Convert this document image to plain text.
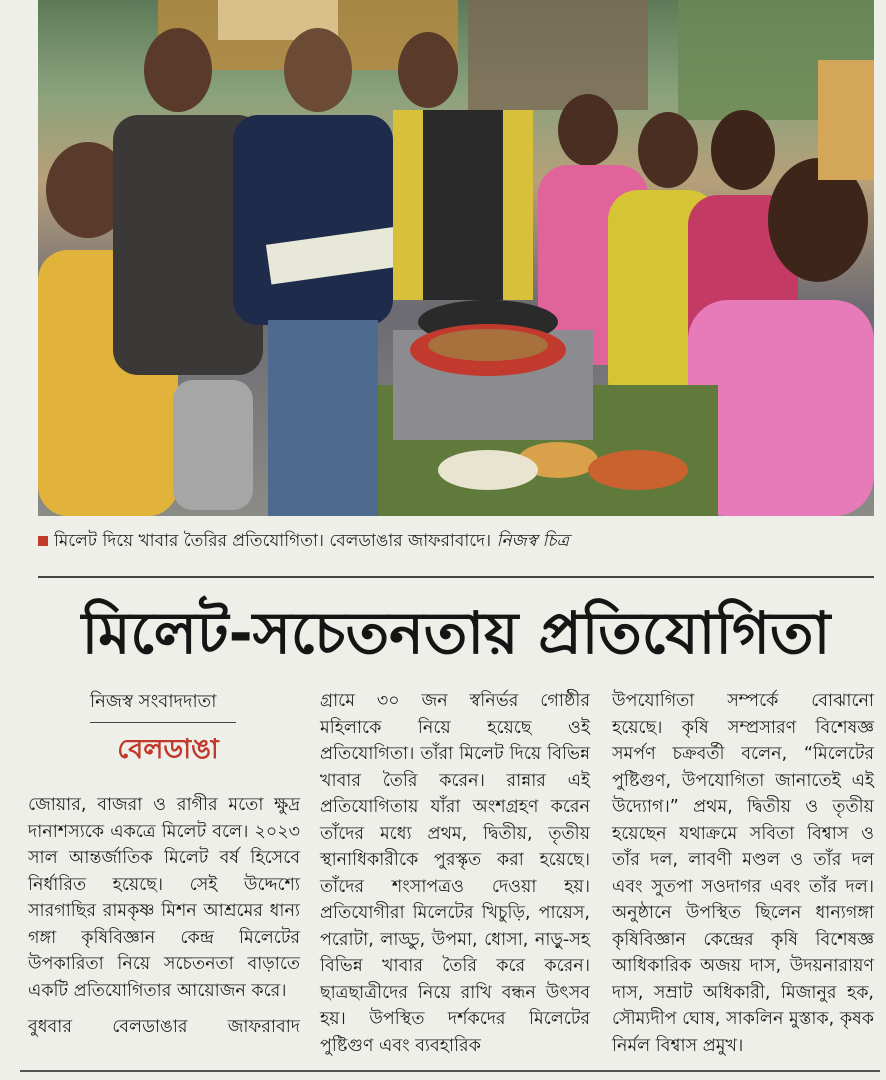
মিলেট দিয়ে খাবার তৈরির প্রতিযোগিতা। বেলডাঙার জাফরাবাদে। নিজস্ব চিত্র
মিলেট-সচেতনতায় প্রতিযোগিতা
নিজস্ব সংবাদদাতা
বেলডাঙা

জোয়ার, বাজরা ও রাগীর মতো ক্ষুদ্র দানাশস্যকে একত্রে মিলেট বলে। ২০২৩ সাল আন্তর্জাতিক মিলেট বর্ষ হিসেবে নির্ধারিত হয়েছে। সেই উদ্দেশ্যে সারগাছির রামকৃষ্ণ মিশন আশ্রমের ধান্য গঙ্গা কৃষিবিজ্ঞান কেন্দ্র মিলেটের উপকারিতা নিয়ে সচেতনতা বাড়াতে একটি প্রতিযোগিতার আয়োজন করে।

বুধবার বেলডাঙার জাফরাবাদ

গ্রামে ৩০ জন স্বনির্ভর গোষ্ঠীর মহিলাকে নিয়ে হয়েছে ওই প্রতিযোগিতা। তাঁরা মিলেট দিয়ে বিভিন্ন খাবার তৈরি করেন। রান্নার এই প্রতিযোগিতায় যাঁরা অংশগ্রহণ করেন তাঁদের মধ্যে প্রথম, দ্বিতীয়, তৃতীয় স্থানাধিকারীকে পুরস্কৃত করা হয়েছে। তাঁদের শংসাপত্রও দেওয়া হয়। প্রতিযোগীরা মিলেটের খিচুড়ি, পায়েস, পরোটা, লাড্ডু, উপমা, ধোসা, নাড়ু-সহ বিভিন্ন খাবার তৈরি করে করেন। ছাত্রছাত্রীদের নিয়ে রাখি বন্ধন উৎসব হয়। উপস্থিত দর্শকদের মিলেটের পুষ্টিগুণ এবং ব্যবহারিক

উপযোগিতা সম্পর্কে বোঝানো হয়েছে। কৃষি সম্প্রসারণ বিশেষজ্ঞ সমর্পণ চক্রবর্তী বলেন, “মিলেটের পুষ্টিগুণ, উপযোগিতা জানাতেই এই উদ্যোগ।” প্রথম, দ্বিতীয় ও তৃতীয় হয়েছেন যথাক্রমে সবিতা বিশ্বাস ও তাঁর দল, লাবণী মণ্ডল ও তাঁর দল এবং সুতপা সওদাগর এবং তাঁর দল। অনুষ্ঠানে উপস্থিত ছিলেন ধান্যগঙ্গা কৃষিবিজ্ঞান কেন্দ্রের কৃষি বিশেষজ্ঞ আধিকারিক অজয় দাস, উদয়নারায়ণ দাস, সম্রাট অধিকারী, মিজানুর হক, সৌম্যদীপ ঘোষ, সাকলিন মুস্তাক, কৃষক নির্মল বিশ্বাস প্রমুখ।
